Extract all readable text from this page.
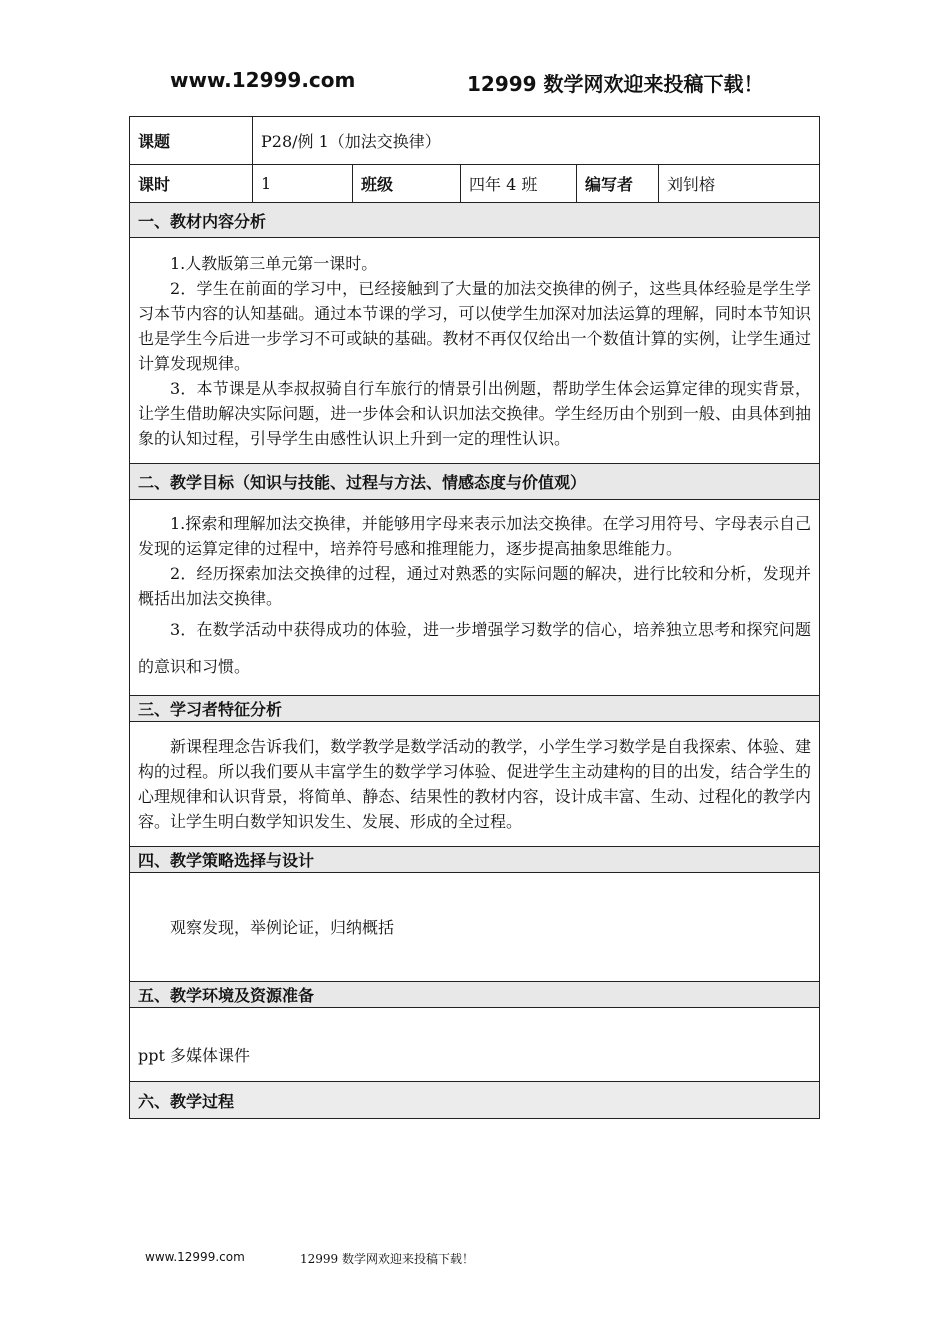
www.12999.com	12999 数学网欢迎来投稿下载！
课题	P28/例 1（加法交换律）				
课时	1	班级	四年 4 班	编写者	刘钊榕
一、教材内容分析					

1.人教版第三单元第一课时。

2．学生在前面的学习中，已经接触到了大量的加法交换律的例子，这些具体经验是学生学习本节内容的认知基础。通过本节课的学习，可以使学生加深对加法运算的理解，同时本节知识也是学生今后进一步学习不可或缺的基础。教材不再仅仅给出一个数值计算的实例，让学生通过计算发现规律。

3．本节课是从李叔叔骑自行车旅行的情景引出例题，帮助学生体会运算定律的现实背景，让学生借助解决实际问题，进一步体会和认识加法交换律。学生经历由个别到一般、由具体到抽象的认知过程，引导学生由感性认识上升到一定的理性认识。					

二、教学目标（知识与技能、过程与方法、情感态度与价值观）					

1.探索和理解加法交换律，并能够用字母来表示加法交换律。在学习用符号、字母表示自己发现的运算定律的过程中，培养符号感和推理能力，逐步提高抽象思维能力。

2．经历探索加法交换律的过程，通过对熟悉的实际问题的解决，进行比较和分析，发现并概括出加法交换律。

3．在数学活动中获得成功的体验，进一步增强学习数学的信心，培养独立思考和探究问题的意识和习惯。					

三、学习者特征分析					

新课程理念告诉我们，数学教学是数学活动的教学，小学生学习数学是自我探索、体验、建构的过程。所以我们要从丰富学生的数学学习体验、促进学生主动建构的目的出发，结合学生的心理规律和认识背景，将简单、静态、结果性的教材内容，设计成丰富、生动、过程化的教学内容。让学生明白数学知识发生、发展、形成的全过程。					

四、教学策略选择与设计					

观察发现，举例论证，归纳概括					

五、教学环境及资源准备					

ppt 多媒体课件					

六、教学过程					
www.12999.com	12999 数学网欢迎来投稿下载！
